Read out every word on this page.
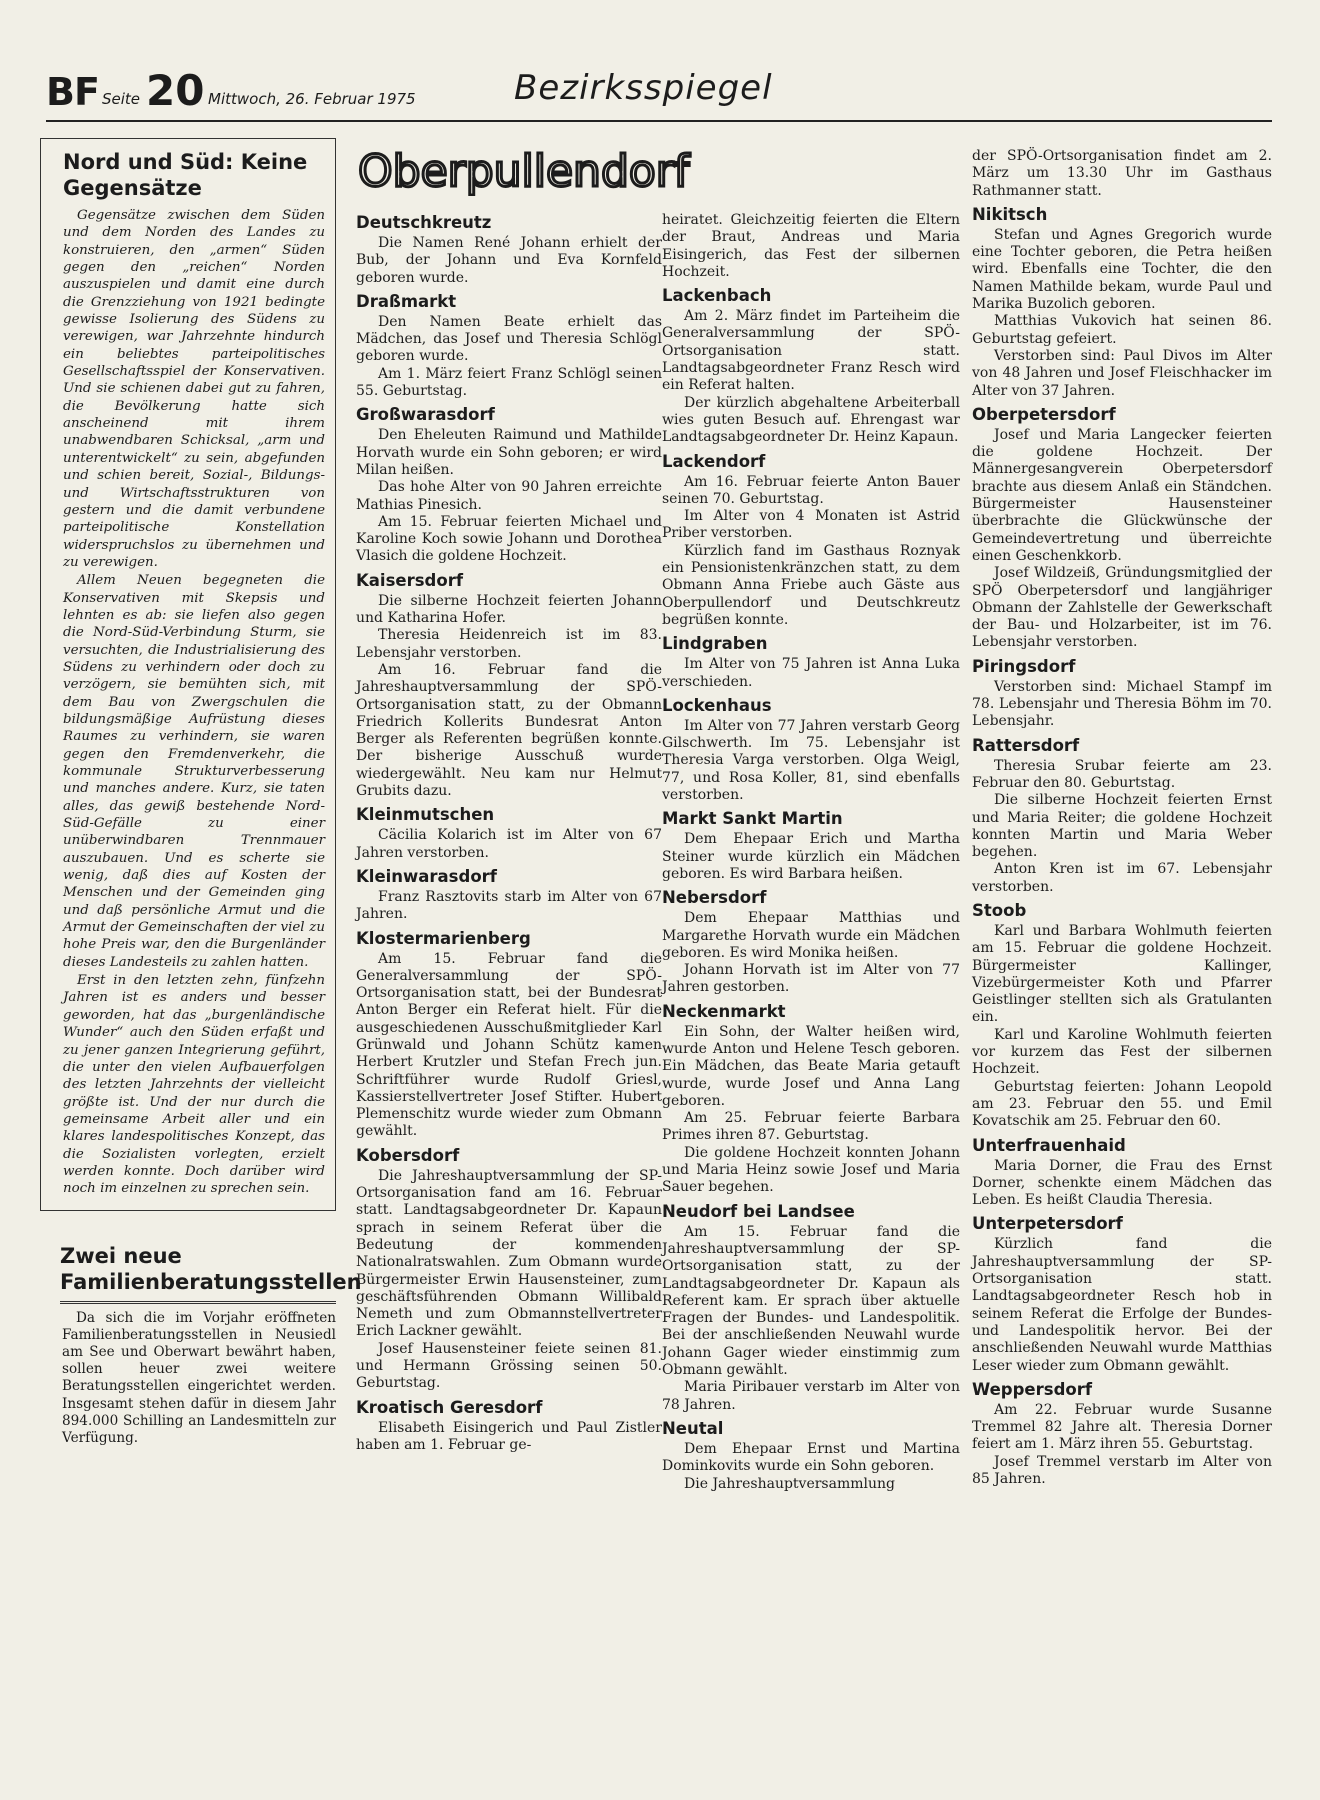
BF Seite 20 Mittwoch, 26. Februar 1975	Bezirksspiegel
Nord und Süd: Keine Gegensätze

Gegensätze zwischen dem Süden und dem Norden des Landes zu konstruieren, den „armen“ Süden gegen den „reichen“ Norden auszuspielen und damit eine durch die Grenzziehung von 1921 bedingte gewisse Isolierung des Südens zu verewigen, war Jahrzehnte hindurch ein beliebtes parteipolitisches Gesellschaftsspiel der Konservativen. Und sie schienen dabei gut zu fahren, die Bevölkerung hatte sich anscheinend mit ihrem unabwendbaren Schicksal, „arm und unterentwickelt“ zu sein, abgefunden und schien bereit, Sozial-, Bildungs- und Wirtschaftsstrukturen von gestern und die damit verbundene parteipolitische Konstellation widerspruchslos zu übernehmen und zu verewigen.

Allem Neuen begegneten die Konservativen mit Skepsis und lehnten es ab: sie liefen also gegen die Nord-Süd-Verbindung Sturm, sie versuchten, die Industrialisierung des Südens zu verhindern oder doch zu verzögern, sie bemühten sich, mit dem Bau von Zwergschulen die bildungsmäßige Aufrüstung dieses Raumes zu verhindern, sie waren gegen den Fremdenverkehr, die kommunale Strukturverbesserung und manches andere. Kurz, sie taten alles, das gewiß bestehende Nord-Süd-Gefälle zu einer unüberwindbaren Trennmauer auszubauen. Und es scherte sie wenig, daß dies auf Kosten der Menschen und der Gemeinden ging und daß persönliche Armut und die Armut der Gemeinschaften der viel zu hohe Preis war, den die Burgenländer dieses Landesteils zu zahlen hatten.

Erst in den letzten zehn, fünfzehn Jahren ist es anders und besser geworden, hat das „burgenländische Wunder“ auch den Süden erfaßt und zu jener ganzen Integrierung geführt, die unter den vielen Aufbauerfolgen des letzten Jahrzehnts der vielleicht größte ist. Und der nur durch die gemeinsame Arbeit aller und ein klares landespolitisches Konzept, das die Sozialisten vorlegten, erzielt werden konnte. Doch darüber wird noch im einzelnen zu sprechen sein.

Zwei neue Familienberatungsstellen

Da sich die im Vorjahr eröffneten Familienberatungsstellen in Neusiedl am See und Oberwart bewährt haben, sollen heuer zwei weitere Beratungsstellen eingerichtet werden. Insgesamt stehen dafür in diesem Jahr 894.000 Schilling an Landesmitteln zur Verfügung.

Oberpullendorf
Deutschkreutz

Die Namen René Johann erhielt der Bub, der Johann und Eva Kornfeld geboren wurde.

Draßmarkt

Den Namen Beate erhielt das Mädchen, das Josef und Theresia Schlögl geboren wurde.

Am 1. März feiert Franz Schlögl seinen 55. Geburtstag.

Großwarasdorf

Den Eheleuten Raimund und Mathilde Horvath wurde ein Sohn geboren; er wird Milan heißen.

Das hohe Alter von 90 Jahren erreichte Mathias Pinesich.

Am 15. Februar feierten Michael und Karoline Koch sowie Johann und Dorothea Vlasich die goldene Hochzeit.

Kaisersdorf

Die silberne Hochzeit feierten Johann und Katharina Hofer.

Theresia Heidenreich ist im 83. Lebensjahr verstorben.

Am 16. Februar fand die Jahreshauptversammlung der SPÖ-Ortsorganisation statt, zu der Obmann Friedrich Kollerits Bundesrat Anton Berger als Referenten begrüßen konnte. Der bisherige Ausschuß wurde wiedergewählt. Neu kam nur Helmut Grubits dazu.

Kleinmutschen

Cäcilia Kolarich ist im Alter von 67 Jahren verstorben.

Kleinwarasdorf

Franz Rasztovits starb im Alter von 67 Jahren.

Klostermarienberg

Am 15. Februar fand die Generalversammlung der SPÖ-Ortsorganisation statt, bei der Bundesrat Anton Berger ein Referat hielt. Für die ausgeschiedenen Ausschußmitglieder Karl Grünwald und Johann Schütz kamen Herbert Krutzler und Stefan Frech jun. Schriftführer wurde Rudolf Griesl, Kassierstellvertreter Josef Stifter. Hubert Plemenschitz wurde wieder zum Obmann gewählt.

Kobersdorf

Die Jahreshauptversammlung der SP-Ortsorganisation fand am 16. Februar statt. Landtagsabgeordneter Dr. Kapaun sprach in seinem Referat über die Bedeutung der kommenden Nationalratswahlen. Zum Obmann wurde Bürgermeister Erwin Hausensteiner, zum geschäftsführenden Obmann Willibald Nemeth und zum Obmannstellvertreter Erich Lackner gewählt.

Josef Hausensteiner feiete seinen 81. und Hermann Grössing seinen 50. Geburtstag.

Kroatisch Geresdorf

Elisabeth Eisingerich und Paul Zistler haben am 1. Februar ge-

heiratet. Gleichzeitig feierten die Eltern der Braut, Andreas und Maria Eisingerich, das Fest der silbernen Hochzeit.

Lackenbach

Am 2. März findet im Parteiheim die Generalversammlung der SPÖ-Ortsorganisation statt. Landtagsabgeordneter Franz Resch wird ein Referat halten.

Der kürzlich abgehaltene Arbeiterball wies guten Besuch auf. Ehrengast war Landtagsabgeordneter Dr. Heinz Kapaun.

Lackendorf

Am 16. Februar feierte Anton Bauer seinen 70. Geburtstag.

Im Alter von 4 Monaten ist Astrid Priber verstorben.

Kürzlich fand im Gasthaus Roznyak ein Pensionistenkränzchen statt, zu dem Obmann Anna Friebe auch Gäste aus Oberpullendorf und Deutschkreutz begrüßen konnte.

Lindgraben

Im Alter von 75 Jahren ist Anna Luka verschieden.

Lockenhaus

Im Alter von 77 Jahren verstarb Georg Gilschwerth. Im 75. Lebensjahr ist Theresia Varga verstorben. Olga Weigl, 77, und Rosa Koller, 81, sind ebenfalls verstorben.

Markt Sankt Martin

Dem Ehepaar Erich und Martha Steiner wurde kürzlich ein Mädchen geboren. Es wird Barbara heißen.

Nebersdorf

Dem Ehepaar Matthias und Margarethe Horvath wurde ein Mädchen geboren. Es wird Monika heißen.

Johann Horvath ist im Alter von 77 Jahren gestorben.

Neckenmarkt

Ein Sohn, der Walter heißen wird, wurde Anton und Helene Tesch geboren. Ein Mädchen, das Beate Maria getauft wurde, wurde Josef und Anna Lang geboren.

Am 25. Februar feierte Barbara Primes ihren 87. Geburtstag.

Die goldene Hochzeit konnten Johann und Maria Heinz sowie Josef und Maria Sauer begehen.

Neudorf bei Landsee

Am 15. Februar fand die Jahreshauptversammlung der SP-Ortsorganisation statt, zu der Landtagsabgeordneter Dr. Kapaun als Referent kam. Er sprach über aktuelle Fragen der Bundes- und Landespolitik. Bei der anschließenden Neuwahl wurde Johann Gager wieder einstimmig zum Obmann gewählt.

Maria Piribauer verstarb im Alter von 78 Jahren.

Neutal

Dem Ehepaar Ernst und Martina Dominkovits wurde ein Sohn geboren.

Die Jahreshauptversammlung

der SPÖ-Ortsorganisation findet am 2. März um 13.30 Uhr im Gasthaus Rathmanner statt.

Nikitsch

Stefan und Agnes Gregorich wurde eine Tochter geboren, die Petra heißen wird. Ebenfalls eine Tochter, die den Namen Mathilde bekam, wurde Paul und Marika Buzolich geboren.

Matthias Vukovich hat seinen 86. Geburtstag gefeiert.

Verstorben sind: Paul Divos im Alter von 48 Jahren und Josef Fleischhacker im Alter von 37 Jahren.

Oberpetersdorf

Josef und Maria Langecker feierten die goldene Hochzeit. Der Männergesangverein Oberpetersdorf brachte aus diesem Anlaß ein Ständchen. Bürgermeister Hausensteiner überbrachte die Glückwünsche der Gemeindevertretung und überreichte einen Geschenkkorb.

Josef Wildzeiß, Gründungsmitglied der SPÖ Oberpetersdorf und langjähriger Obmann der Zahlstelle der Gewerkschaft der Bau- und Holzarbeiter, ist im 76. Lebensjahr verstorben.

Piringsdorf

Verstorben sind: Michael Stampf im 78. Lebensjahr und Theresia Böhm im 70. Lebensjahr.

Rattersdorf

Theresia Srubar feierte am 23. Februar den 80. Geburtstag.

Die silberne Hochzeit feierten Ernst und Maria Reiter; die goldene Hochzeit konnten Martin und Maria Weber begehen.

Anton Kren ist im 67. Lebensjahr verstorben.

Stoob

Karl und Barbara Wohlmuth feierten am 15. Februar die goldene Hochzeit. Bürgermeister Kallinger, Vizebürgermeister Koth und Pfarrer Geistlinger stellten sich als Gratulanten ein.

Karl und Karoline Wohlmuth feierten vor kurzem das Fest der silbernen Hochzeit.

Geburtstag feierten: Johann Leopold am 23. Februar den 55. und Emil Kovatschik am 25. Februar den 60.

Unterfrauenhaid

Maria Dorner, die Frau des Ernst Dorner, schenkte einem Mädchen das Leben. Es heißt Claudia Theresia.

Unterpetersdorf

Kürzlich fand die Jahreshauptversammlung der SP-Ortsorganisation statt. Landtagsabgeordneter Resch hob in seinem Referat die Erfolge der Bundes- und Landespolitik hervor. Bei der anschließenden Neuwahl wurde Matthias Leser wieder zum Obmann gewählt.

Weppersdorf

Am 22. Februar wurde Susanne Tremmel 82 Jahre alt. Theresia Dorner feiert am 1. März ihren 55. Geburtstag.

Josef Tremmel verstarb im Alter von 85 Jahren.
